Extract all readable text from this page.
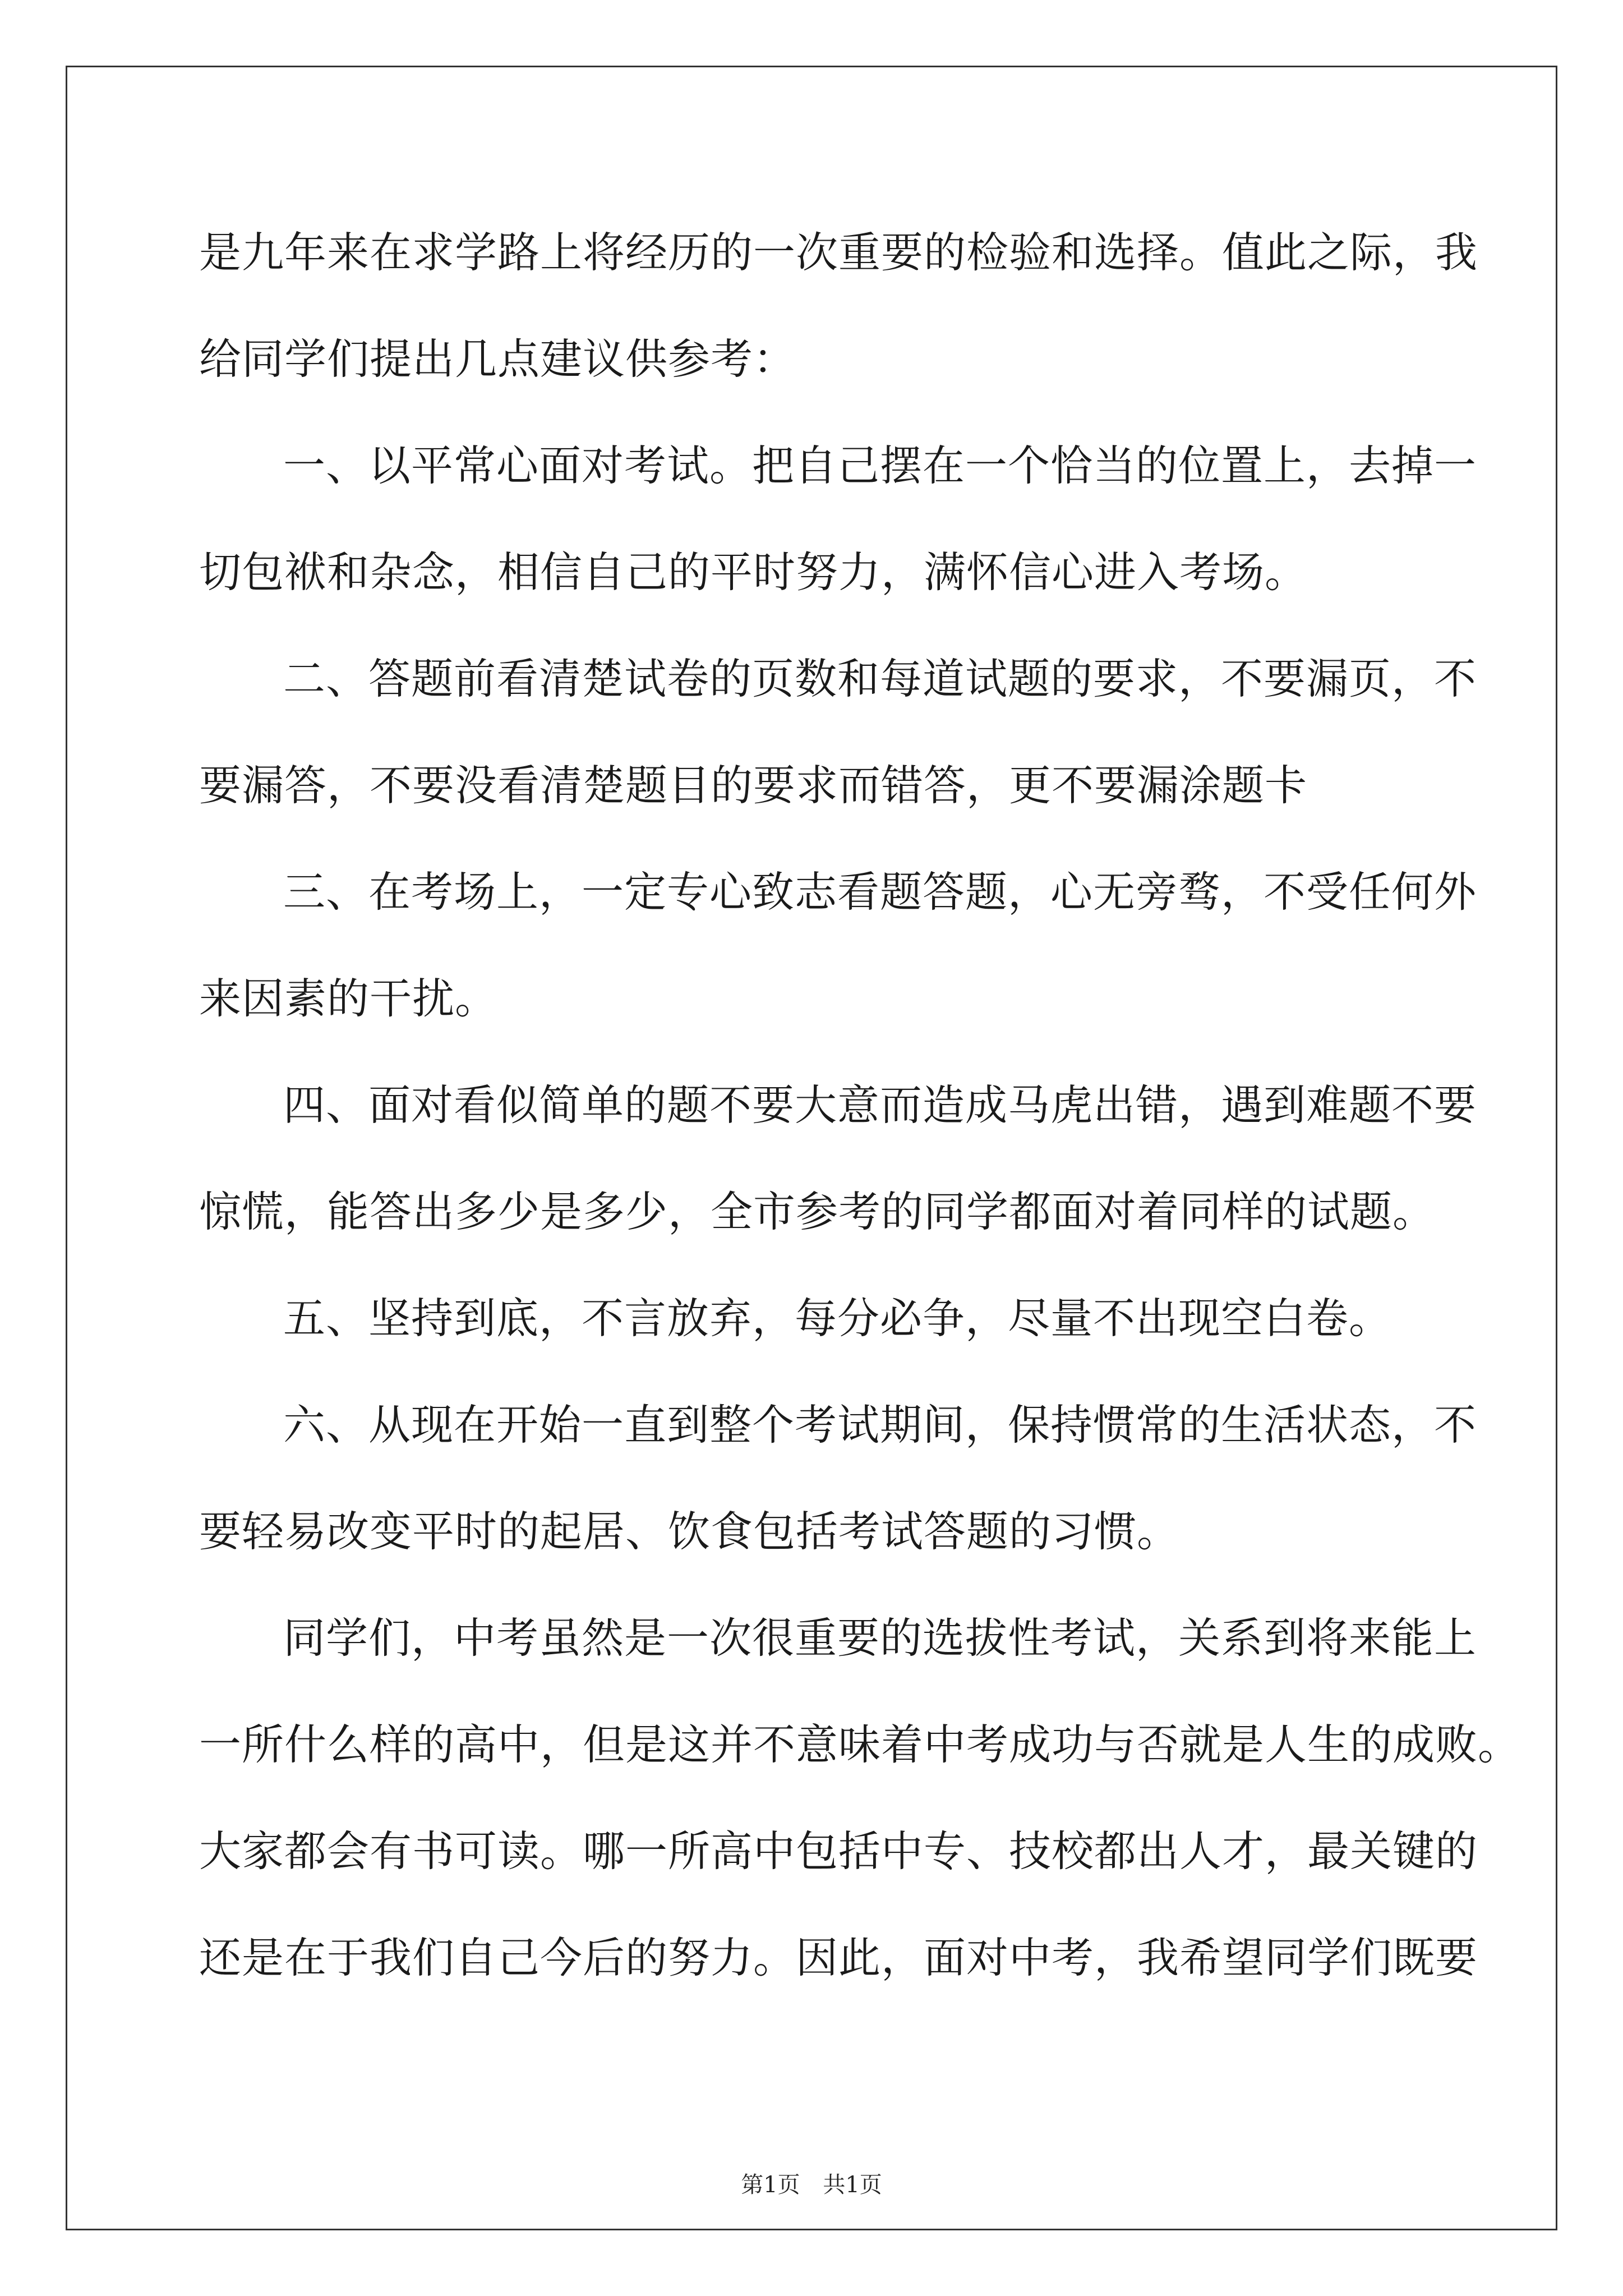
是九年来在求学路上将经历的一次重要的检验和选择。值此之际，我
给同学们提出几点建议供参考：
一、以平常心面对考试。把自己摆在一个恰当的位置上，去掉一
切包袱和杂念，相信自己的平时努力，满怀信心进入考场。
二、答题前看清楚试卷的页数和每道试题的要求，不要漏页，不
要漏答，不要没看清楚题目的要求而错答，更不要漏涂题卡
三、在考场上，一定专心致志看题答题，心无旁骛，不受任何外
来因素的干扰。
四、面对看似简单的题不要大意而造成马虎出错，遇到难题不要
惊慌，能答出多少是多少，全市参考的同学都面对着同样的试题。
五、坚持到底，不言放弃，每分必争，尽量不出现空白卷。
六、从现在开始一直到整个考试期间，保持惯常的生活状态，不
要轻易改变平时的起居、饮食包括考试答题的习惯。
同学们，中考虽然是一次很重要的选拔性考试，关系到将来能上
一所什么样的高中，但是这并不意味着中考成功与否就是人生的成败。
大家都会有书可读。哪一所高中包括中专、技校都出人才，最关键的
还是在于我们自己今后的努力。因此，面对中考，我希望同学们既要
第1页 共1页
